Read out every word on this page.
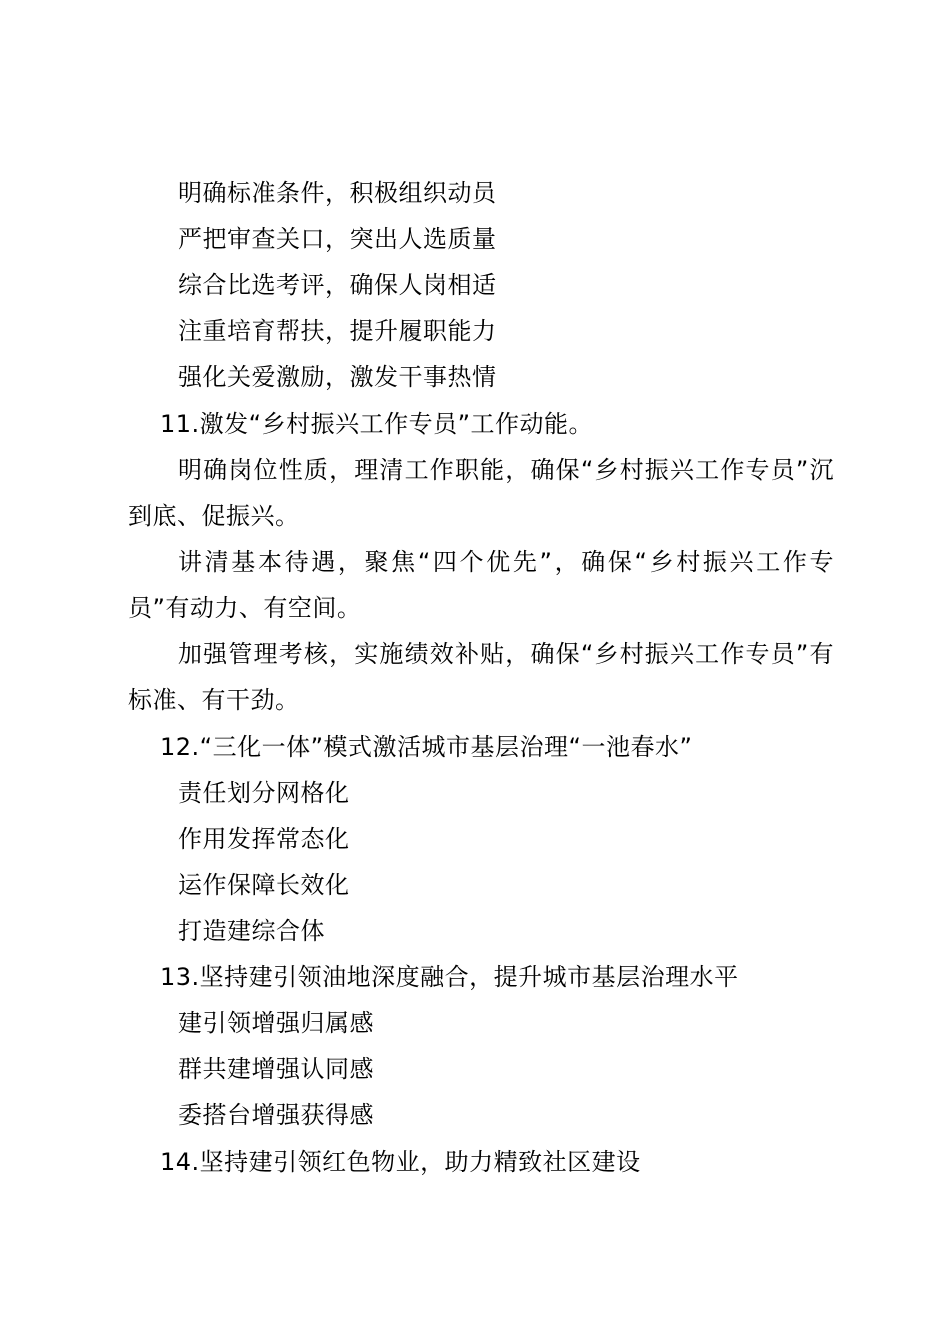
明确标准条件，积极组织动员
严把审查关口，突出人选质量
综合比选考评，确保人岗相适
注重培育帮扶，提升履职能力
强化关爱激励，激发干事热情
11.激发“乡村振兴工作专员”工作动能。

明确岗位性质，理清工作职能，确保“乡村振兴工作专员”沉到底、促振兴。

讲清基本待遇，聚焦“四个优先”，确保“乡村振兴工作专员”有动力、有空间。

加强管理考核，实施绩效补贴，确保“乡村振兴工作专员”有标准、有干劲。

12.“三化一体”模式激活城市基层治理“一池春水”
责任划分网格化
作用发挥常态化
运作保障长效化
打造建综合体
13.坚持建引领油地深度融合，提升城市基层治理水平
建引领增强归属感
群共建增强认同感
委搭台增强获得感
14.坚持建引领红色物业，助力精致社区建设
